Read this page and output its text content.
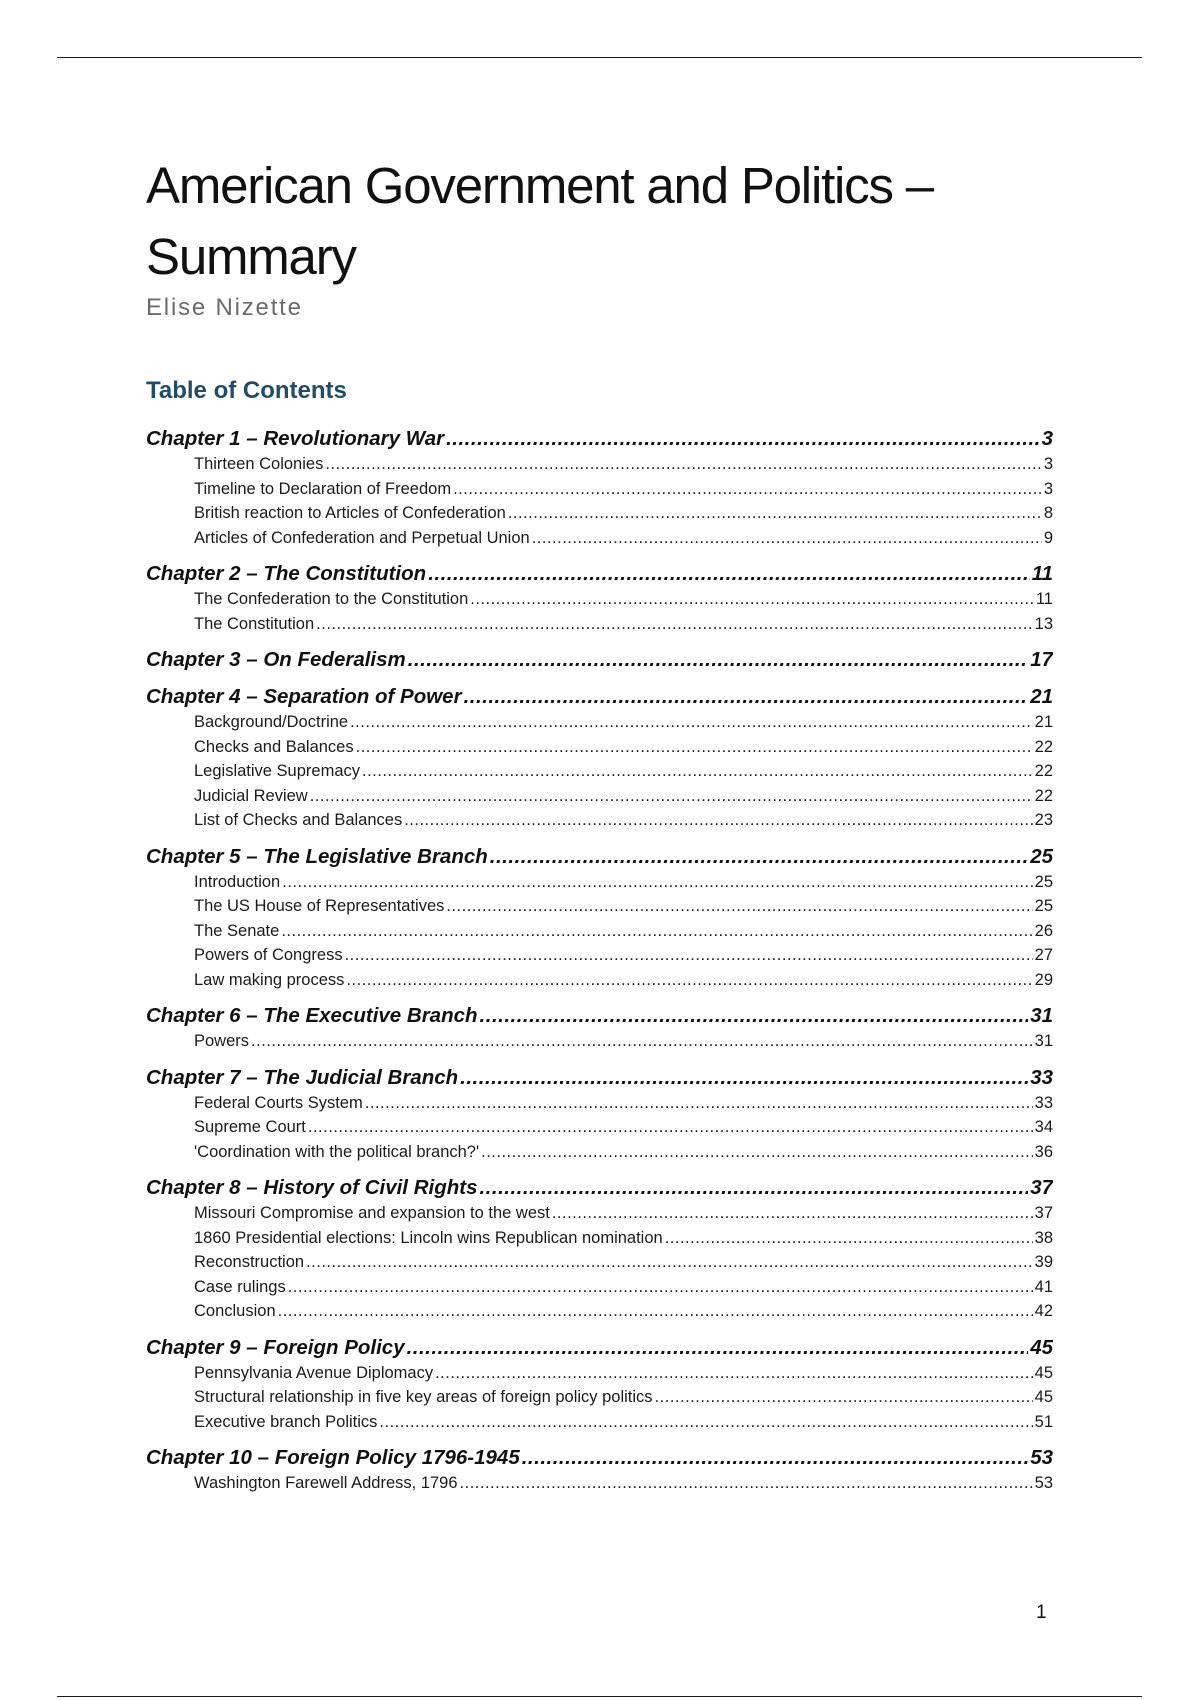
American Government and Politics – Summary

Elise Nizette

Table of Contents
Chapter 1 – Revolutionary War .....	3
Thirteen Colonies .....	3
Timeline to Declaration of Freedom .....	3
British reaction to Articles of Confederation .....	8
Articles of Confederation and Perpetual Union .....	9
Chapter 2 – The Constitution .....	11
The Confederation to the Constitution .....	11
The Constitution .....	13
Chapter 3 – On Federalism .....	17
Chapter 4 – Separation of Power .....	21
Background/Doctrine .....	21
Checks and Balances .....	22
Legislative Supremacy .....	22
Judicial Review .....	22
List of Checks and Balances .....	23
Chapter 5 – The Legislative Branch .....	25
Introduction .....	25
The US House of Representatives .....	25
The Senate .....	26
Powers of Congress .....	27
Law making process .....	29
Chapter 6 – The Executive Branch .....	31
Powers .....	31
Chapter 7 – The Judicial Branch .....	33
Federal Courts System .....	33
Supreme Court .....	34
'Coordination with the political branch?' .....	36
Chapter 8 – History of Civil Rights .....	37
Missouri Compromise and expansion to the west .....	37
1860 Presidential elections: Lincoln wins Republican nomination .....	38
Reconstruction .....	39
Case rulings .....	41
Conclusion .....	42
Chapter 9 – Foreign Policy .....	45
Pennsylvania Avenue Diplomacy .....	45
Structural relationship in five key areas of foreign policy politics .....	45
Executive branch Politics .....	51
Chapter 10 – Foreign Policy 1796-1945 .....	53
Washington Farewell Address, 1796 .....	53

1
